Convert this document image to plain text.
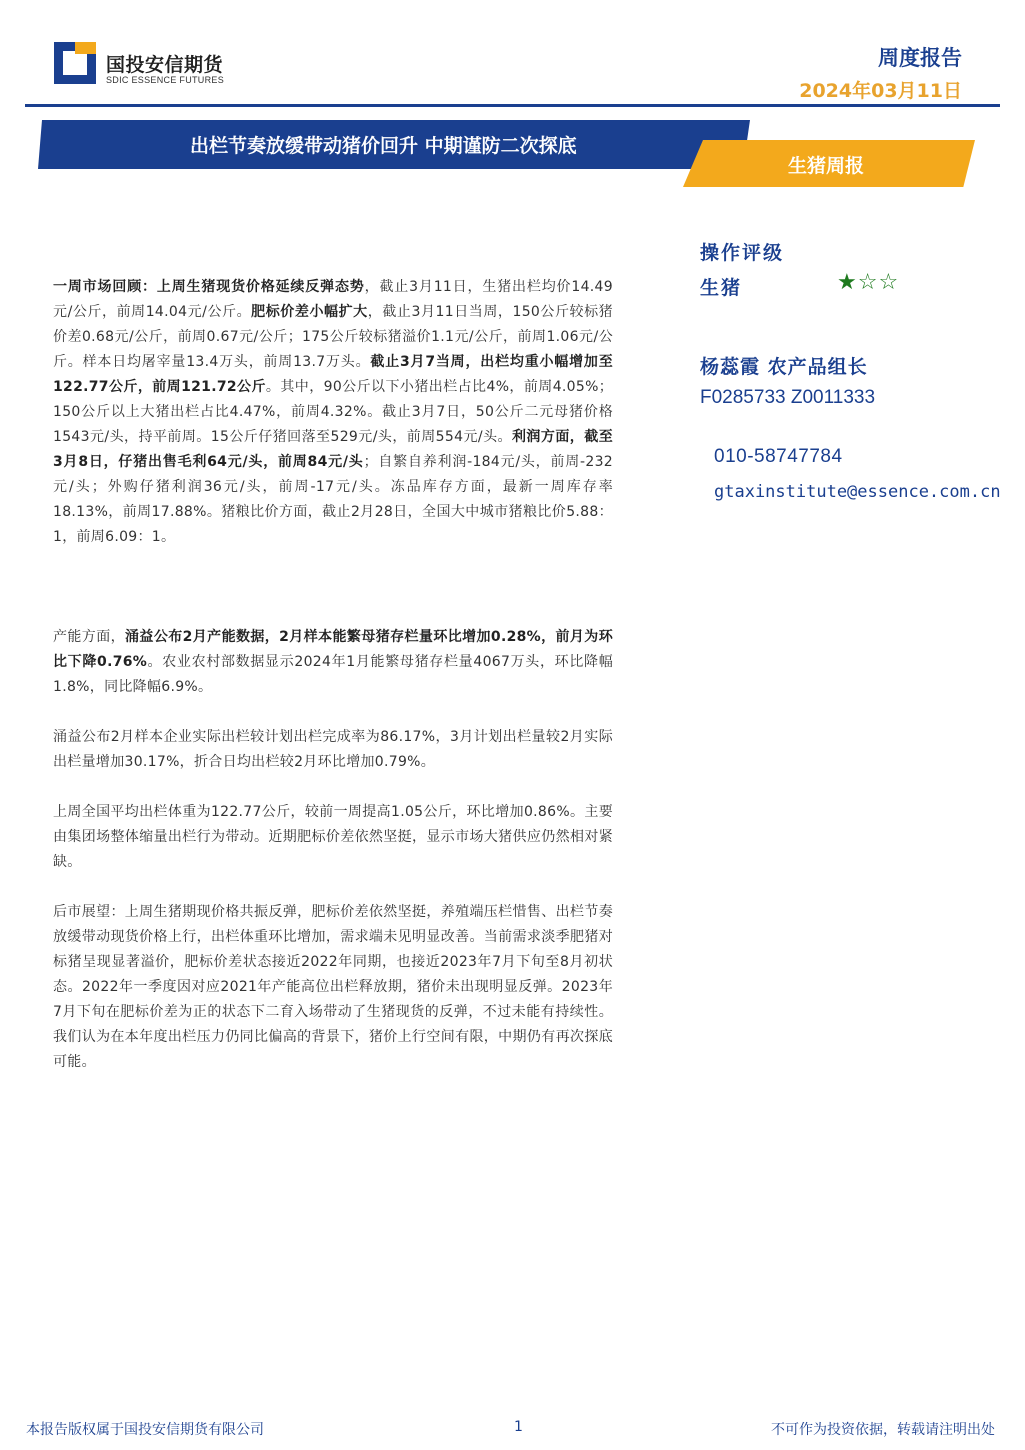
国投安信期货
SDIC ESSENCE FUTURES
周度报告
2024年03月11日
出栏节奏放缓带动猪价回升 中期谨防二次探底
生猪周报
操作评级
生猪	★☆☆
杨蕊霞 农产品组长
F0285733 Z0011333
010-58747784
gtaxinstitute@essence.com.cn

一周市场回顾：上周生猪现货价格延续反弹态势，截止3月11日，生猪出栏均价14.49元/公斤，前周14.04元/公斤。肥标价差小幅扩大，截止3月11日当周，150公斤较标猪价差0.68元/公斤，前周0.67元/公斤；175公斤较标猪溢价1.1元/公斤，前周1.06元/公斤。样本日均屠宰量13.4万头，前周13.7万头。截止3月7当周，出栏均重小幅增加至122.77公斤，前周121.72公斤。其中，90公斤以下小猪出栏占比4%，前周4.05%；150公斤以上大猪出栏占比4.47%，前周4.32%。截止3月7日，50公斤二元母猪价格1543元/头，持平前周。15公斤仔猪回落至529元/头，前周554元/头。利润方面，截至3月8日，仔猪出售毛利64元/头，前周84元/头；自繁自养利润-184元/头，前周-232元/头；外购仔猪利润36元/头，前周-17元/头。冻品库存方面，最新一周库存率18.13%，前周17.88%。猪粮比价方面，截止2月28日，全国大中城市猪粮比价5.88：1，前周6.09：1。

产能方面，涌益公布2月产能数据，2月样本能繁母猪存栏量环比增加0.28%，前月为环比下降0.76%。农业农村部数据显示2024年1月能繁母猪存栏量4067万头，环比降幅1.8%，同比降幅6.9%。

涌益公布2月样本企业实际出栏较计划出栏完成率为86.17%，3月计划出栏量较2月实际出栏量增加30.17%，折合日均出栏较2月环比增加0.79%。

上周全国平均出栏体重为122.77公斤，较前一周提高1.05公斤，环比增加0.86%。主要由集团场整体缩量出栏行为带动。近期肥标价差依然坚挺，显示市场大猪供应仍然相对紧缺。

后市展望：上周生猪期现价格共振反弹，肥标价差依然坚挺，养殖端压栏惜售、出栏节奏放缓带动现货价格上行，出栏体重环比增加，需求端未见明显改善。当前需求淡季肥猪对标猪呈现显著溢价，肥标价差状态接近2022年同期，也接近2023年7月下旬至8月初状态。2022年一季度因对应2021年产能高位出栏释放期，猪价未出现明显反弹。2023年7月下旬在肥标价差为正的状态下二育入场带动了生猪现货的反弹，不过未能有持续性。我们认为在本年度出栏压力仍同比偏高的背景下，猪价上行空间有限，中期仍有再次探底可能。

本报告版权属于国投安信期货有限公司	1	不可作为投资依据，转载请注明出处
